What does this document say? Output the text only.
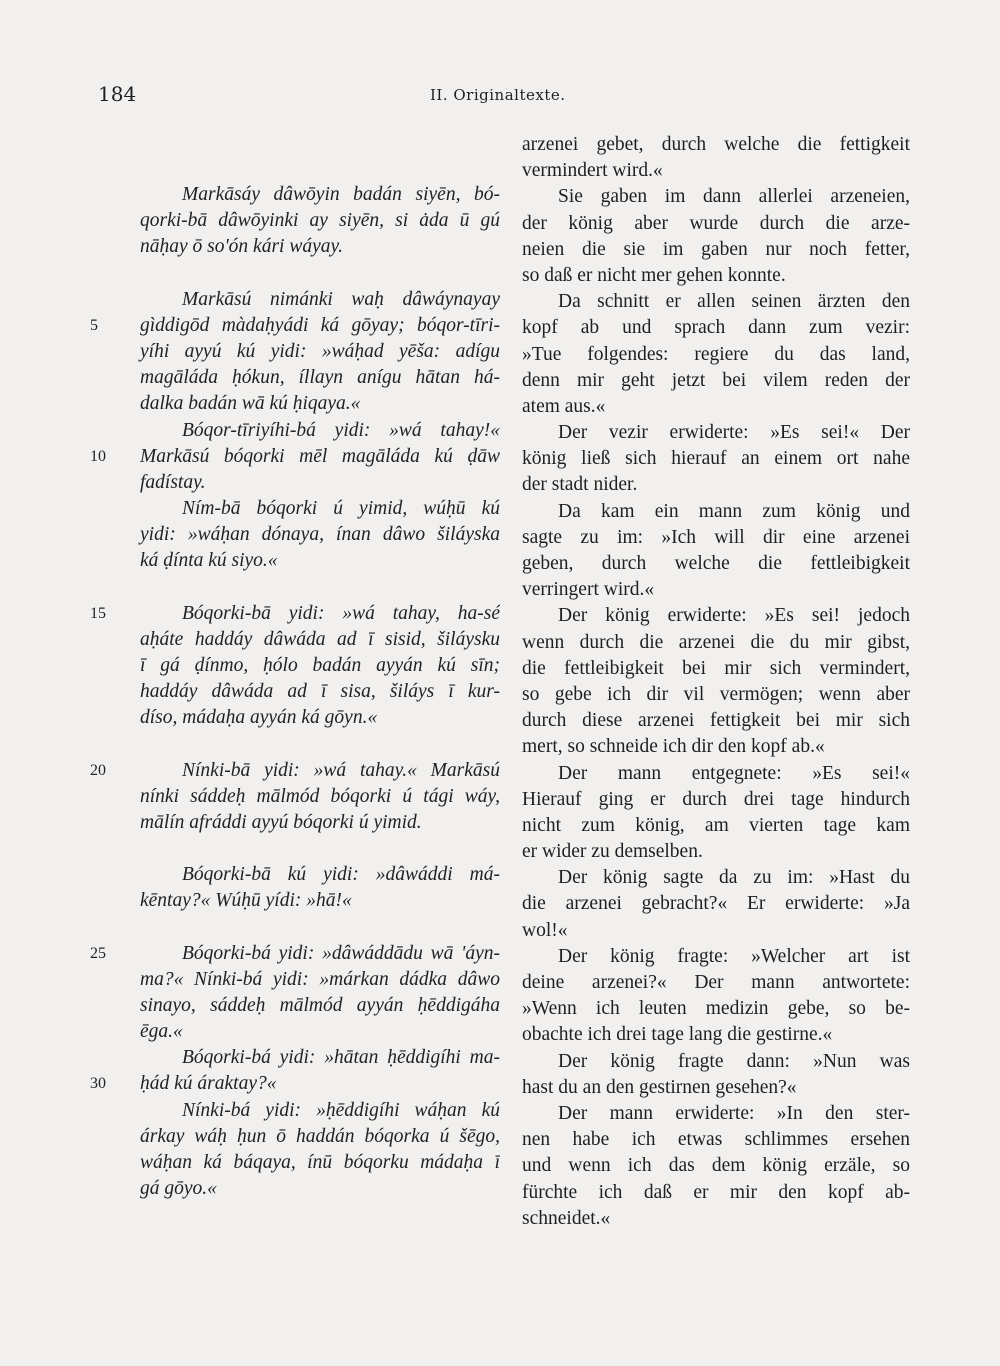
184	II. Originaltexte.
Markāsáy dâwōyin badán siyēn, bó-
qorki-bā dâwōyinki ay siyēn, si ȧda ū gú
nāḥay ō so'ón kári wáyay.
Markāsú nimánki waḥ dâwáynayay
5	gìddigōd màdaḥyádi ká gōyay; bóqor-tīri-
yíhi ayyú kú yidi: »wáḥad yēša: adígu
magāláda ḥókun, íllayn anígu hātan há-
dalka badán wā kú ḥiqaya.«
Bóqor-tīriyíhi-bá yidi: »wá tahay!«
10	Markāsú bóqorki mēl magāláda kú ḍāw
fadístay.
Ním-bā bóqorki ú yimid, wúḥū kú
yidi: »wáḥan dónaya, ínan dâwo šiláyska
ká ḍínta kú siyo.«
15	Bóqorki-bā yidi: »wá tahay, ha-sé
aḥáte haddáy dâwáda ad ī sisid, šiláysku
ī gá ḍínmo, ḥólo badán ayyán kú sīn;
haddáy dâwáda ad ī sisa, šiláys ī kur-
díso, mádaḥa ayyán ká gōyn.«
20	Nínki-bā yidi: »wá tahay.« Markāsú
nínki sáddeḥ mālmód bóqorki ú tági wáy,
mālín afráddi ayyú bóqorki ú yimid.
Bóqorki-bā kú yidi: »dâwáddi má-
kēntay?« Wúḥū yídi: »hā!«
25	Bóqorki-bá yidi: »dâwáddādu wā 'áyn-
ma?« Nínki-bá yidi: »márkan dádka dâwo
sinayo, sáddeḥ mālmód ayyán ḥēddigáha
ēga.«
Bóqorki-bá yidi: »hātan ḥēddigíhi ma-
30	ḥád kú áraktay?«
Nínki-bá yidi: »ḥēddigíhi wáḥan kú
árkay wáḥ ḥun ō haddán bóqorka ú šēgo,
wáḥan ká báqaya, ínū bóqorku mádaḥa ī
gá gōyo.«
arzenei gebet, durch welche die fettigkeit
vermindert wird.«
Sie gaben im dann allerlei arzeneien,
der könig aber wurde durch die arze-
neien die sie im gaben nur noch fetter,
so daß er nicht mer gehen konnte.
Da schnitt er allen seinen ärzten den
kopf ab und sprach dann zum vezir:
»Tue folgendes: regiere du das land,
denn mir geht jetzt bei vilem reden der
atem aus.«
Der vezir erwiderte: »Es sei!« Der
könig ließ sich hierauf an einem ort nahe
der stadt nider.
Da kam ein mann zum könig und
sagte zu im: »Ich will dir eine arzenei
geben, durch welche die fettleibigkeit
verringert wird.«
Der könig erwiderte: »Es sei! jedoch
wenn durch die arzenei die du mir gibst,
die fettleibigkeit bei mir sich vermindert,
so gebe ich dir vil vermögen; wenn aber
durch diese arzenei fettigkeit bei mir sich
mert, so schneide ich dir den kopf ab.«
Der mann entgegnete: »Es sei!«
Hierauf ging er durch drei tage hindurch
nicht zum könig, am vierten tage kam
er wider zu demselben.
Der könig sagte da zu im: »Hast du
die arzenei gebracht?« Er erwiderte: »Ja
wol!«
Der könig fragte: »Welcher art ist
deine arzenei?« Der mann antwortete:
»Wenn ich leuten medizin gebe, so be-
obachte ich drei tage lang die gestirne.«
Der könig fragte dann: »Nun was
hast du an den gestirnen gesehen?«
Der mann erwiderte: »In den ster-
nen habe ich etwas schlimmes ersehen
und wenn ich das dem könig erzäle, so
fürchte ich daß er mir den kopf ab-
schneidet.«
